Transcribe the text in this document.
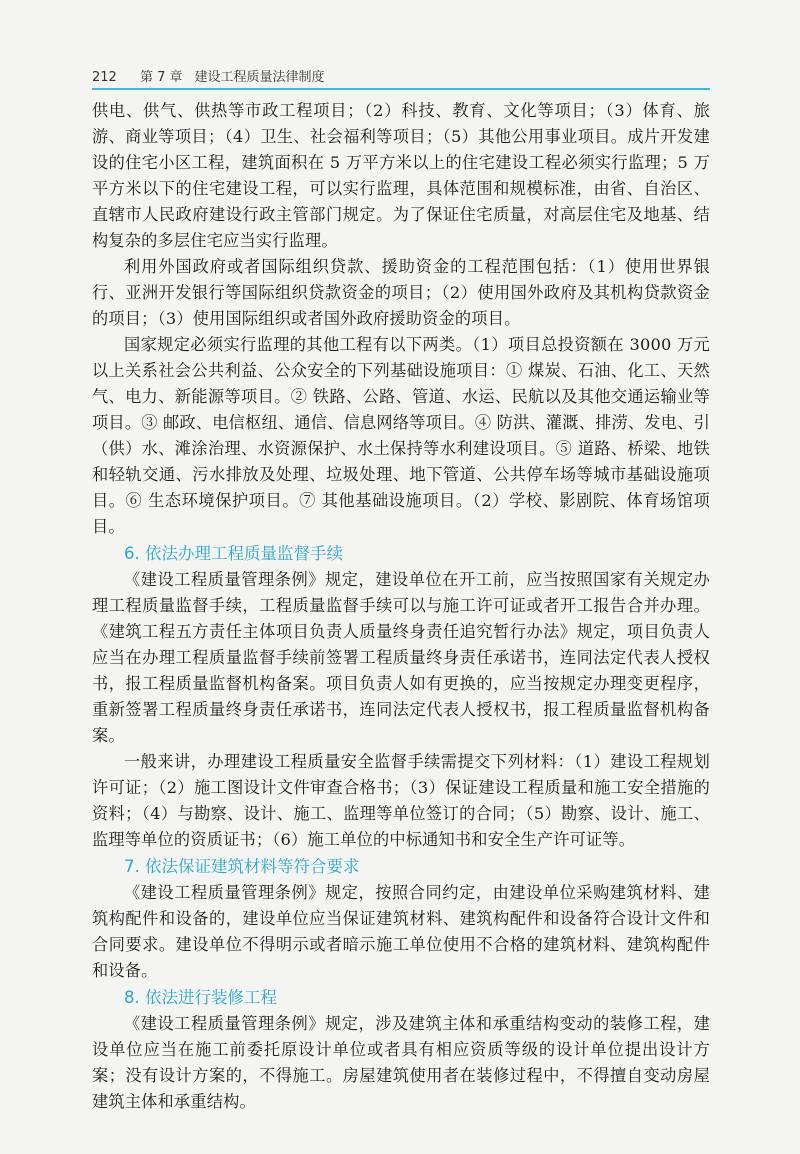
212 第 7 章 建设工程质量法律制度

供电、供气、供热等市政工程项目；（2）科技、教育、文化等项目；（3）体育、旅游、商业等项目；（4）卫生、社会福利等项目；（5）其他公用事业项目。成片开发建设的住宅小区工程，建筑面积在 5 万平方米以上的住宅建设工程必须实行监理；5 万平方米以下的住宅建设工程，可以实行监理，具体范围和规模标准，由省、自治区、直辖市人民政府建设行政主管部门规定。为了保证住宅质量，对高层住宅及地基、结构复杂的多层住宅应当实行监理。

利用外国政府或者国际组织贷款、援助资金的工程范围包括：（1）使用世界银行、亚洲开发银行等国际组织贷款资金的项目；（2）使用国外政府及其机构贷款资金的项目；（3）使用国际组织或者国外政府援助资金的项目。

国家规定必须实行监理的其他工程有以下两类。（1）项目总投资额在 3000 万元以上关系社会公共利益、公众安全的下列基础设施项目：① 煤炭、石油、化工、天然气、电力、新能源等项目。② 铁路、公路、管道、水运、民航以及其他交通运输业等项目。③ 邮政、电信枢纽、通信、信息网络等项目。④ 防洪、灌溉、排涝、发电、引（供）水、滩涂治理、水资源保护、水土保持等水利建设项目。⑤ 道路、桥梁、地铁和轻轨交通、污水排放及处理、垃圾处理、地下管道、公共停车场等城市基础设施项目。⑥ 生态环境保护项目。⑦ 其他基础设施项目。（2）学校、影剧院、体育场馆项目。

6. 依法办理工程质量监督手续

《建设工程质量管理条例》规定，建设单位在开工前，应当按照国家有关规定办理工程质量监督手续，工程质量监督手续可以与施工许可证或者开工报告合并办理。《建筑工程五方责任主体项目负责人质量终身责任追究暂行办法》规定，项目负责人应当在办理工程质量监督手续前签署工程质量终身责任承诺书，连同法定代表人授权书，报工程质量监督机构备案。项目负责人如有更换的，应当按规定办理变更程序，重新签署工程质量终身责任承诺书，连同法定代表人授权书，报工程质量监督机构备案。

一般来讲，办理建设工程质量安全监督手续需提交下列材料：（1）建设工程规划许可证；（2）施工图设计文件审查合格书；（3）保证建设工程质量和施工安全措施的资料；（4）与勘察、设计、施工、监理等单位签订的合同；（5）勘察、设计、施工、监理等单位的资质证书；（6）施工单位的中标通知书和安全生产许可证等。

7. 依法保证建筑材料等符合要求

《建设工程质量管理条例》规定，按照合同约定，由建设单位采购建筑材料、建筑构配件和设备的，建设单位应当保证建筑材料、建筑构配件和设备符合设计文件和合同要求。建设单位不得明示或者暗示施工单位使用不合格的建筑材料、建筑构配件和设备。

8. 依法进行装修工程

《建设工程质量管理条例》规定，涉及建筑主体和承重结构变动的装修工程，建设单位应当在施工前委托原设计单位或者具有相应资质等级的设计单位提出设计方案；没有设计方案的，不得施工。房屋建筑使用者在装修过程中，不得擅自变动房屋建筑主体和承重结构。
